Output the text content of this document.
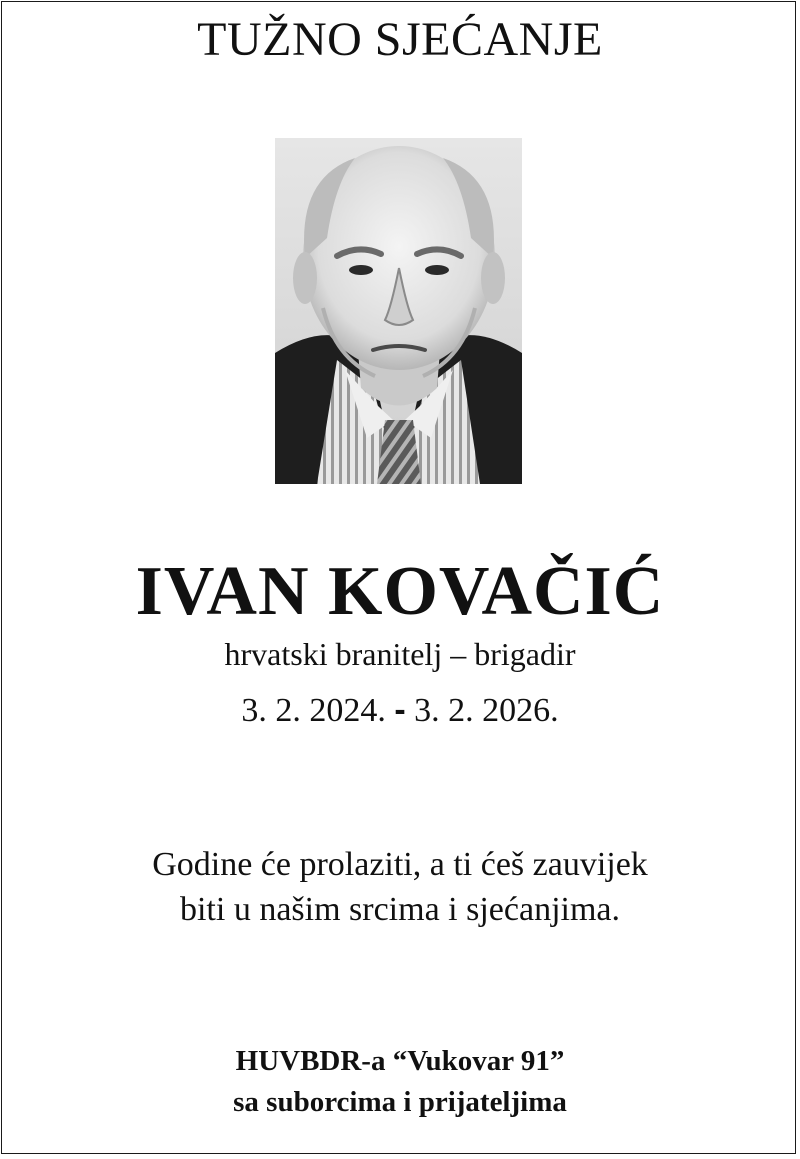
TUŽNO SJEĆANJE
IVAN KOVAČIĆ
hrvatski branitelj – brigadir
3. 2. 2024. - 3. 2. 2026.
Godine će prolaziti, a ti ćeš zauvijek
biti u našim srcima i sjećanjima.
HUVBDR-a “Vukovar 91”
sa suborcima i prijateljima
